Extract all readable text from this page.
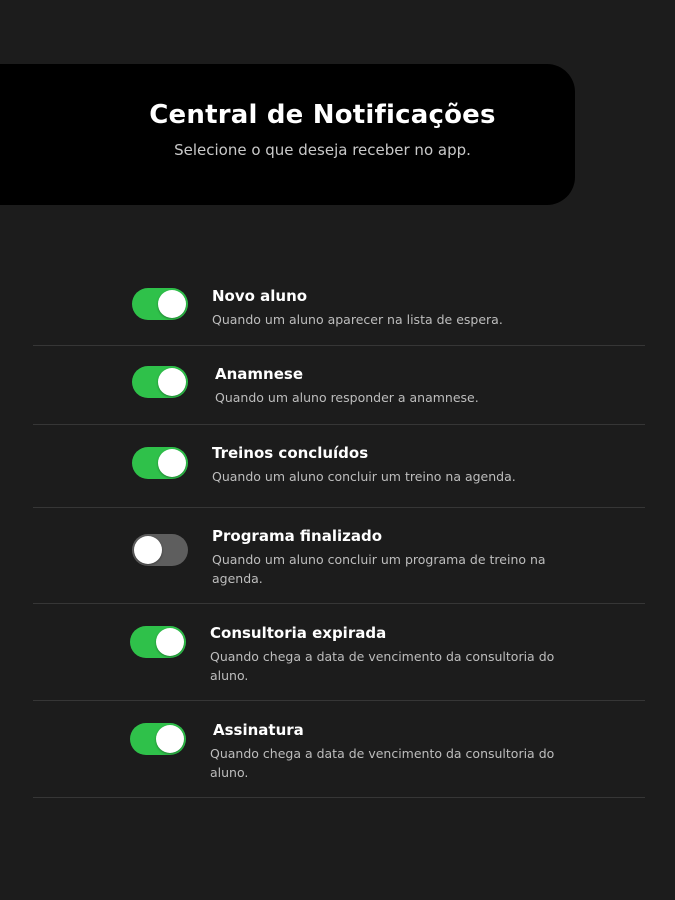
Central de Notificações
Selecione o que deseja receber no app.
Novo aluno
Quando um aluno aparecer na lista de espera.
Anamnese
Quando um aluno responder a anamnese.
Treinos concluídos
Quando um aluno concluir um treino na agenda.
Programa finalizado
Quando um aluno concluir um programa de treino na agenda.
Consultoria expirada
Quando chega a data de vencimento da consultoria do aluno.
Assinatura
Quando chega a data de vencimento da consultoria do aluno.
